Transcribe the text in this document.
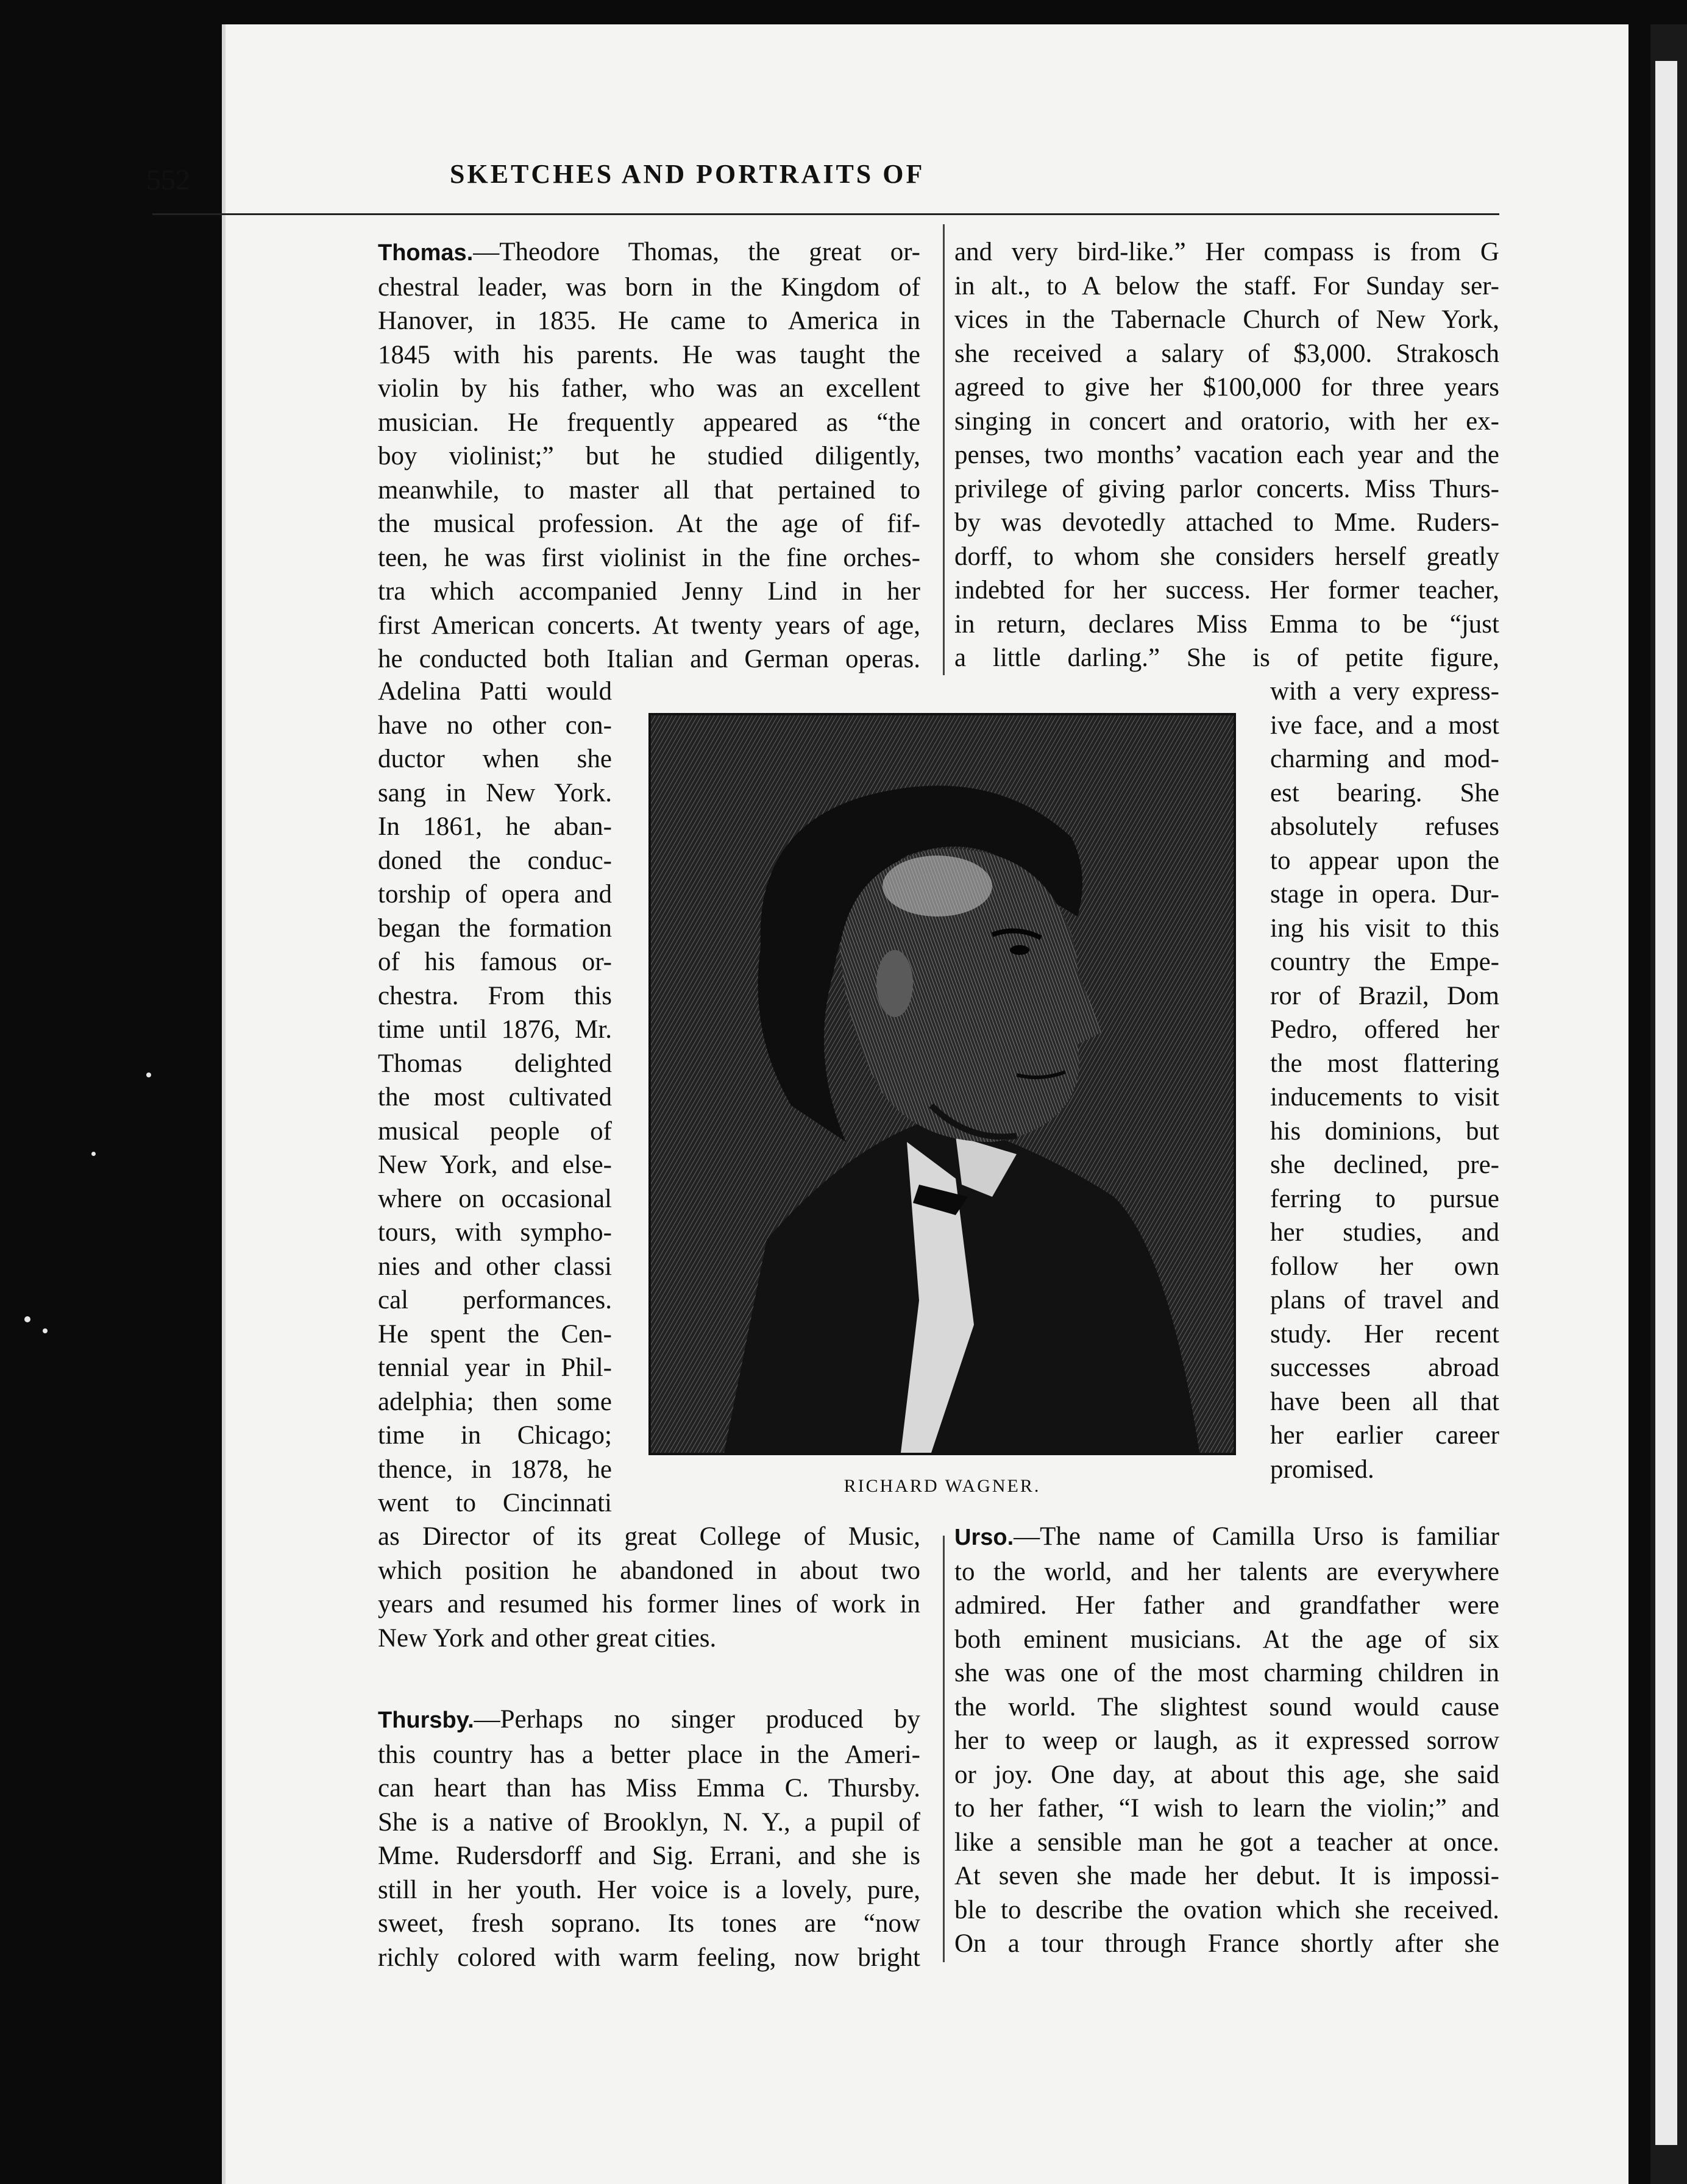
552	SKETCHES AND PORTRAITS OF
Thomas.—Theodore Thomas, the great or-
chestral leader, was born in the Kingdom of
Hanover, in 1835. He came to America in
1845 with his parents. He was taught the
violin by his father, who was an excellent
musician. He frequently appeared as “the
boy violinist;” but he studied diligently,
meanwhile, to master all that pertained to
the musical profession. At the age of fif-
teen, he was first violinist in the fine orches-
tra which accompanied Jenny Lind in her
first American concerts. At twenty years of age,
he conducted both Italian and German operas.
Adelina Patti would
have no other con-
ductor when she
sang in New York.
In 1861, he aban-
doned the conduc-
torship of opera and
began the formation
of his famous or-
chestra. From this
time until 1876, Mr.
Thomas delighted
the most cultivated
musical people of
New York, and else-
where on occasional
tours, with sympho-
nies and other classi
cal performances.
He spent the Cen-
tennial year in Phil-
adelphia; then some
time in Chicago;
thence, in 1878, he
went to Cincinnati
as Director of its great College of Music,
which position he abandoned in about two
years and resumed his former lines of work in
New York and other great cities.
Thursby.—Perhaps no singer produced by
this country has a better place in the Ameri-
can heart than has Miss Emma C. Thursby.
She is a native of Brooklyn, N. Y., a pupil of
Mme. Rudersdorff and Sig. Errani, and she is
still in her youth. Her voice is a lovely, pure,
sweet, fresh soprano. Its tones are “now
richly colored with warm feeling, now bright
and very bird-like.” Her compass is from G
in alt., to A below the staff. For Sunday ser-
vices in the Tabernacle Church of New York,
she received a salary of $3,000. Strakosch
agreed to give her $100,000 for three years
singing in concert and oratorio, with her ex-
penses, two months’ vacation each year and the
privilege of giving parlor concerts. Miss Thurs-
by was devotedly attached to Mme. Ruders-
dorff, to whom she considers herself greatly
indebted for her success. Her former teacher,
in return, declares Miss Emma to be “just
a little darling.” She is of petite figure,
with a very express-
ive face, and a most
charming and mod-
est bearing. She
absolutely refuses
to appear upon the
stage in opera. Dur-
ing his visit to this
country the Empe-
ror of Brazil, Dom
Pedro, offered her
the most flattering
inducements to visit
his dominions, but
she declined, pre-
ferring to pursue
her studies, and
follow her own
plans of travel and
study. Her recent
successes abroad
have been all that
her earlier career
promised.
Urso.—The name of Camilla Urso is familiar
to the world, and her talents are everywhere
admired. Her father and grandfather were
both eminent musicians. At the age of six
she was one of the most charming children in
the world. The slightest sound would cause
her to weep or laugh, as it expressed sorrow
or joy. One day, at about this age, she said
to her father, “I wish to learn the violin;” and
like a sensible man he got a teacher at once.
At seven she made her debut. It is impossi-
ble to describe the ovation which she received.
On a tour through France shortly after she
RICHARD WAGNER.
